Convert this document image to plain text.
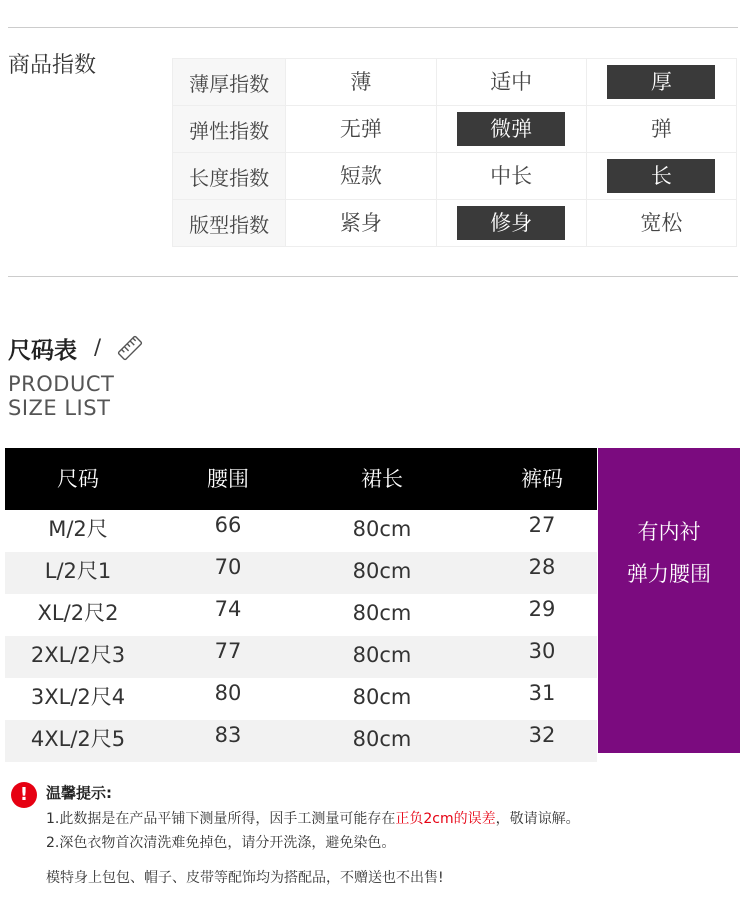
商品指数
薄厚指数	薄	适中	厚
弹性指数	无弹	微弹	弹
长度指数	短款	中长	长
版型指数	紧身	修身	宽松
尺码表 /
PRODUCT
SIZE LIST
尺码	腰围	裙长	裤码
M/2尺	66	80cm	27
L/2尺1	70	80cm	28
XL/2尺2	74	80cm	29
2XL/2尺3	77	80cm	30
3XL/2尺4	80	80cm	31
4XL/2尺5	83	80cm	32
有内衬
弹力腰围
!	温馨提示:
1.此数据是在产品平铺下测量所得，因手工测量可能存在正负2cm的误差，敬请谅解。
2.深色衣物首次清洗难免掉色，请分开洗涤，避免染色。
模特身上包包、帽子、皮带等配饰均为搭配品，不赠送也不出售!
